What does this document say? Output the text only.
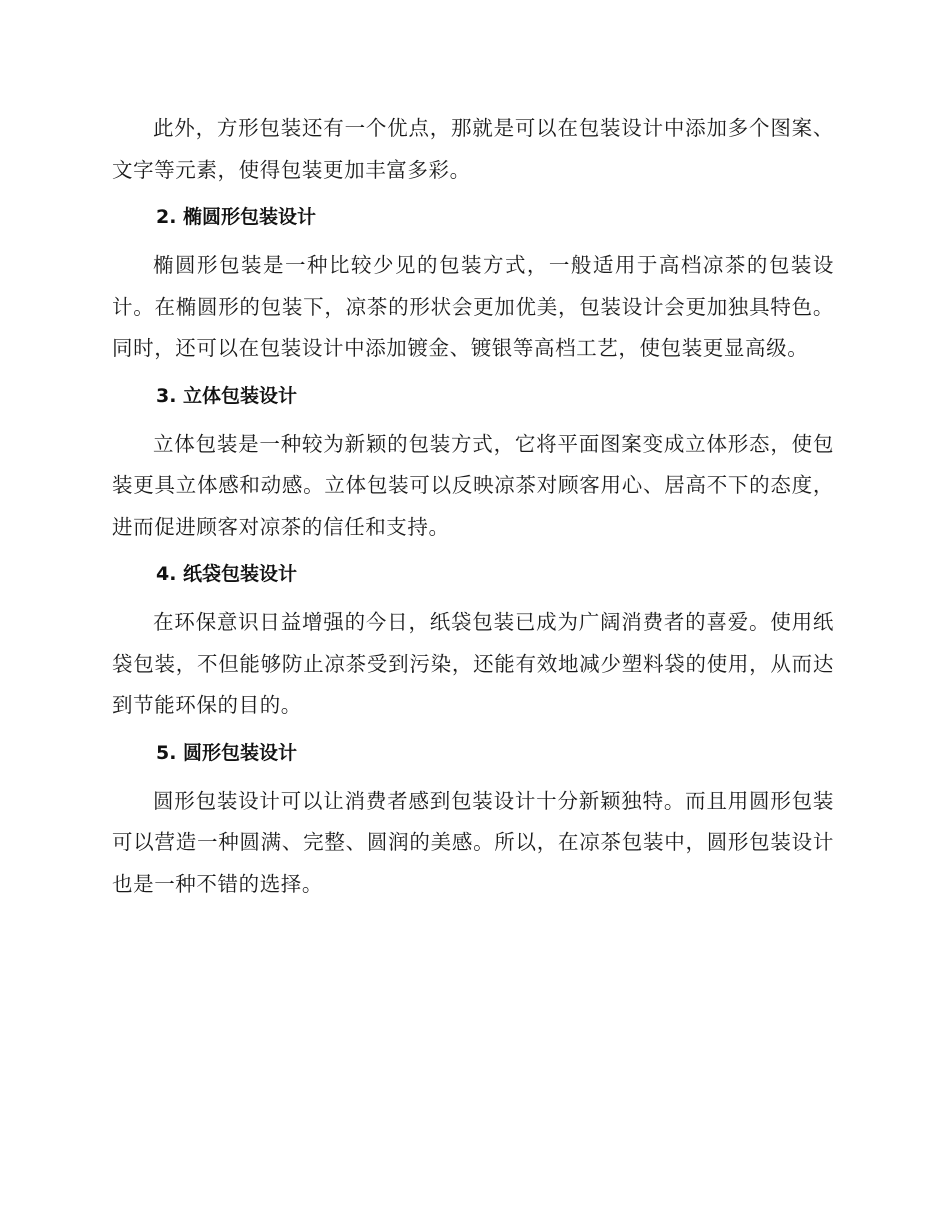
此外，方形包装还有一个优点，那就是可以在包装设计中添加多个图案、文字等元素，使得包装更加丰富多彩。

2. 椭圆形包装设计

椭圆形包装是一种比较少见的包装方式，一般适用于高档凉茶的包装设计。在椭圆形的包装下，凉茶的形状会更加优美，包装设计会更加独具特色。同时，还可以在包装设计中添加镀金、镀银等高档工艺，使包装更显高级。

3. 立体包装设计

立体包装是一种较为新颖的包装方式，它将平面图案变成立体形态，使包装更具立体感和动感。立体包装可以反映凉茶对顾客用心、居高不下的态度，进而促进顾客对凉茶的信任和支持。

4. 纸袋包装设计

在环保意识日益增强的今日，纸袋包装已成为广阔消费者的喜爱。使用纸袋包装，不但能够防止凉茶受到污染，还能有效地减少塑料袋的使用，从而达到节能环保的目的。

5. 圆形包装设计

圆形包装设计可以让消费者感到包装设计十分新颖独特。而且用圆形包装可以营造一种圆满、完整、圆润的美感。所以，在凉茶包装中，圆形包装设计也是一种不错的选择。
